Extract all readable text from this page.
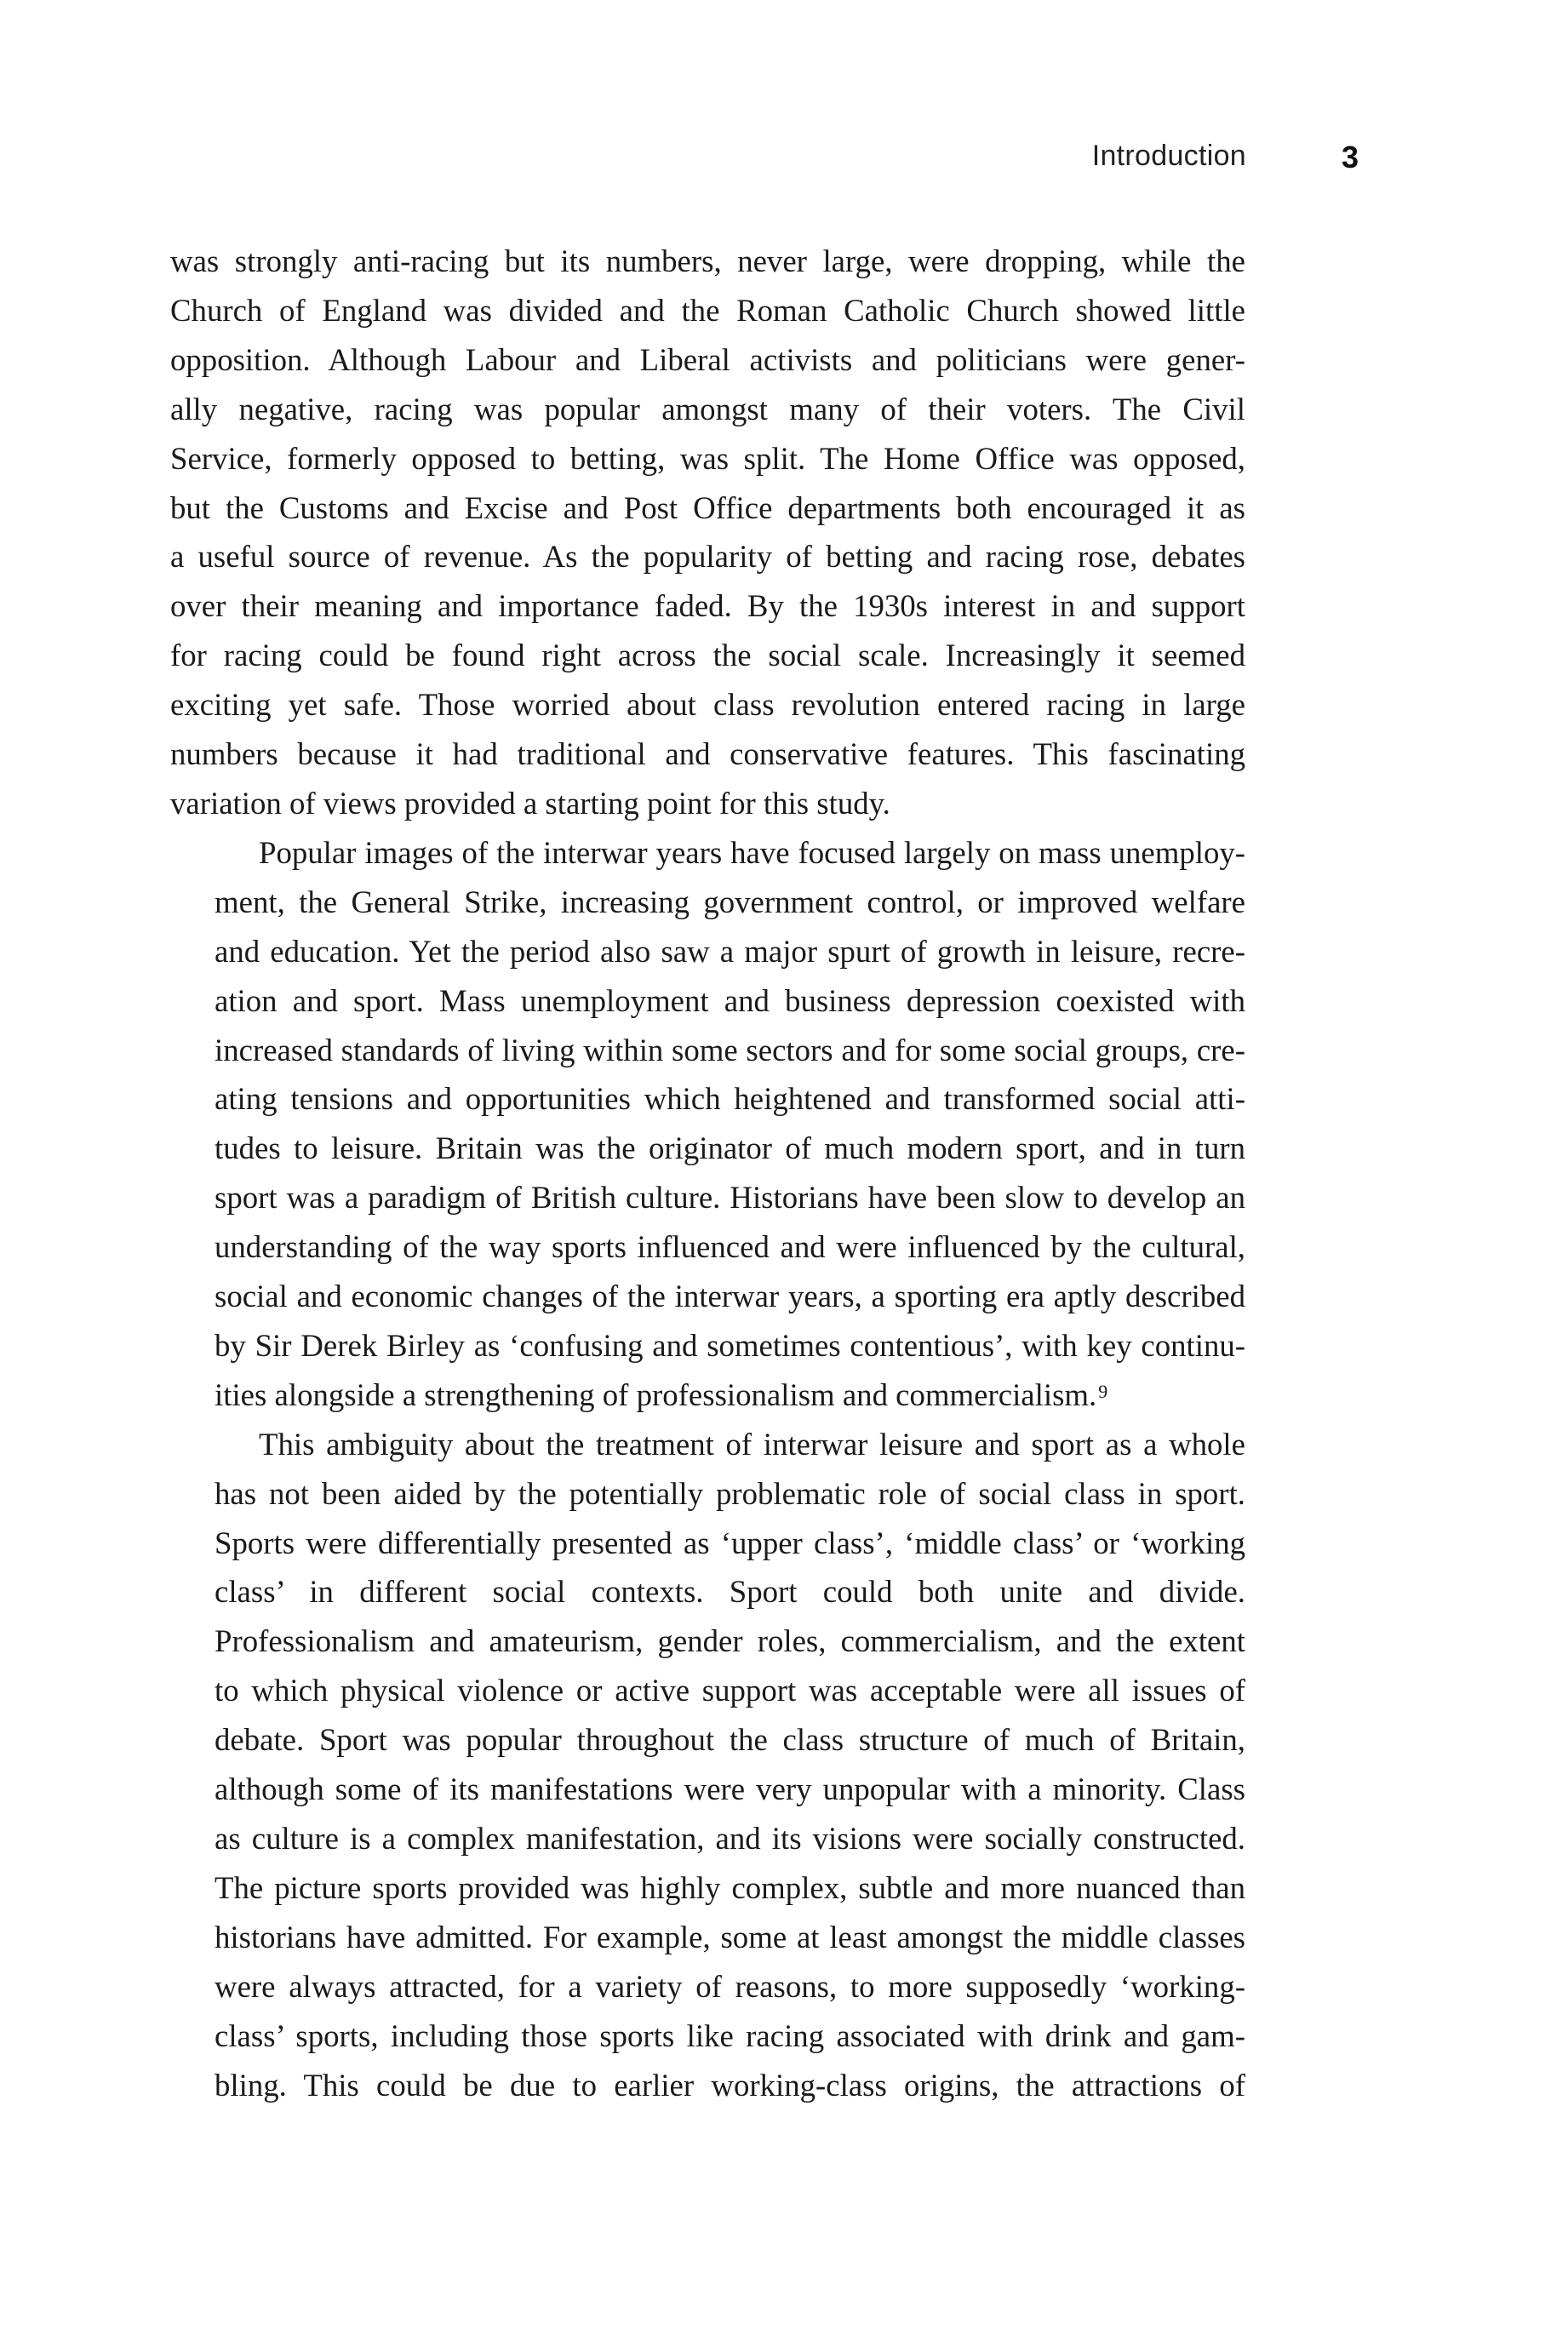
Introduction	3

was strongly anti-racing but its numbers, never large, were dropping, while the
Church of England was divided and the Roman Catholic Church showed little
opposition. Although Labour and Liberal activists and politicians were gener-
ally negative, racing was popular amongst many of their voters. The Civil
Service, formerly opposed to betting, was split. The Home Office was opposed,
but the Customs and Excise and Post Office departments both encouraged it as
a useful source of revenue. As the popularity of betting and racing rose, debates
over their meaning and importance faded. By the 1930s interest in and support
for racing could be found right across the social scale. Increasingly it seemed
exciting yet safe. Those worried about class revolution entered racing in large
numbers because it had traditional and conservative features. This fascinating
variation of views provided a starting point for this study.

Popular images of the interwar years have focused largely on mass unemploy-
ment, the General Strike, increasing government control, or improved welfare
and education. Yet the period also saw a major spurt of growth in leisure, recre-
ation and sport. Mass unemployment and business depression coexisted with
increased standards of living within some sectors and for some social groups, cre-
ating tensions and opportunities which heightened and transformed social atti-
tudes to leisure. Britain was the originator of much modern sport, and in turn
sport was a paradigm of British culture. Historians have been slow to develop an
understanding of the way sports influenced and were influenced by the cultural,
social and economic changes of the interwar years, a sporting era aptly described
by Sir Derek Birley as ‘confusing and sometimes contentious’, with key continu-
ities alongside a strengthening of professionalism and commercialism.$^9$

This ambiguity about the treatment of interwar leisure and sport as a whole
has not been aided by the potentially problematic role of social class in sport.
Sports were differentially presented as ‘upper class’, ‘middle class’ or ‘working
class’ in different social contexts. Sport could both unite and divide.
Professionalism and amateurism, gender roles, commercialism, and the extent
to which physical violence or active support was acceptable were all issues of
debate. Sport was popular throughout the class structure of much of Britain,
although some of its manifestations were very unpopular with a minority. Class
as culture is a complex manifestation, and its visions were socially constructed.
The picture sports provided was highly complex, subtle and more nuanced than
historians have admitted. For example, some at least amongst the middle classes
were always attracted, for a variety of reasons, to more supposedly ‘working-
class’ sports, including those sports like racing associated with drink and gam-
bling. This could be due to earlier working-class origins, the attractions of
